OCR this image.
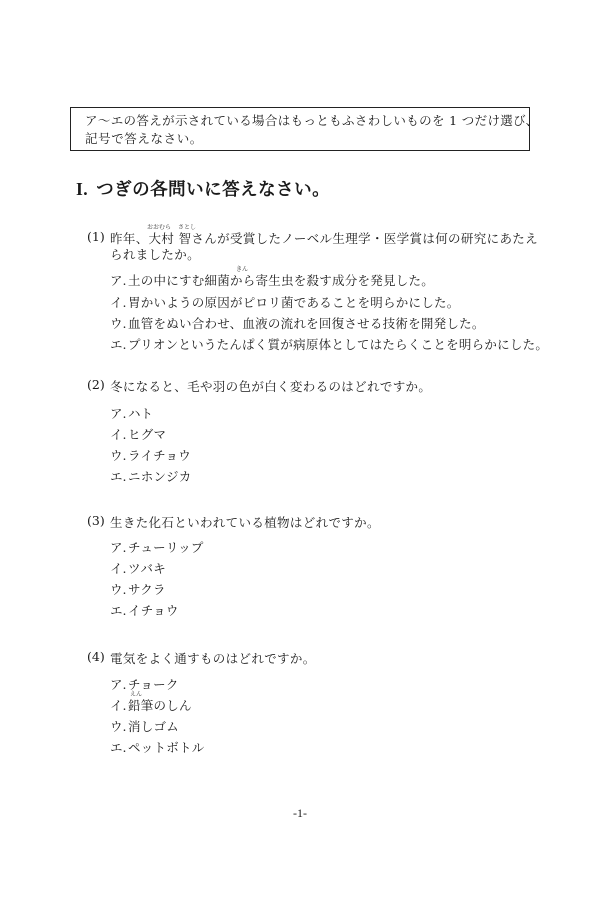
ア〜エの答えが示されている場合はもっともふさわしいものを 1 つだけ選び、
記号で答えなさい。
I. つぎの各問いに答えなさい。
おおむら さとし
(1) 昨年、大村 智さんが受賞したノーベル生理学・医学賞は何の研究にあたえ
られましたか。
きん
ア. 土の中にすむ細菌から寄生虫を殺す成分を発見した。
イ. 胃かいようの原因がピロリ菌であることを明らかにした。
ウ. 血管をぬい合わせ、血液の流れを回復させる技術を開発した。
エ. プリオンというたんぱく質が病原体としてはたらくことを明らかにした。
(2) 冬になると、毛や羽の色が白く変わるのはどれですか。
ア. ハト
イ. ヒグマ
ウ. ライチョウ
エ. ニホンジカ
(3) 生きた化石といわれている植物はどれですか。
ア. チューリップ
イ. ツバキ
ウ. サクラ
エ. イチョウ
(4) 電気をよく通すものはどれですか。
ア. チョーク
えん
イ. 鉛筆のしん
ウ. 消しゴム
エ. ペットボトル
-1-
